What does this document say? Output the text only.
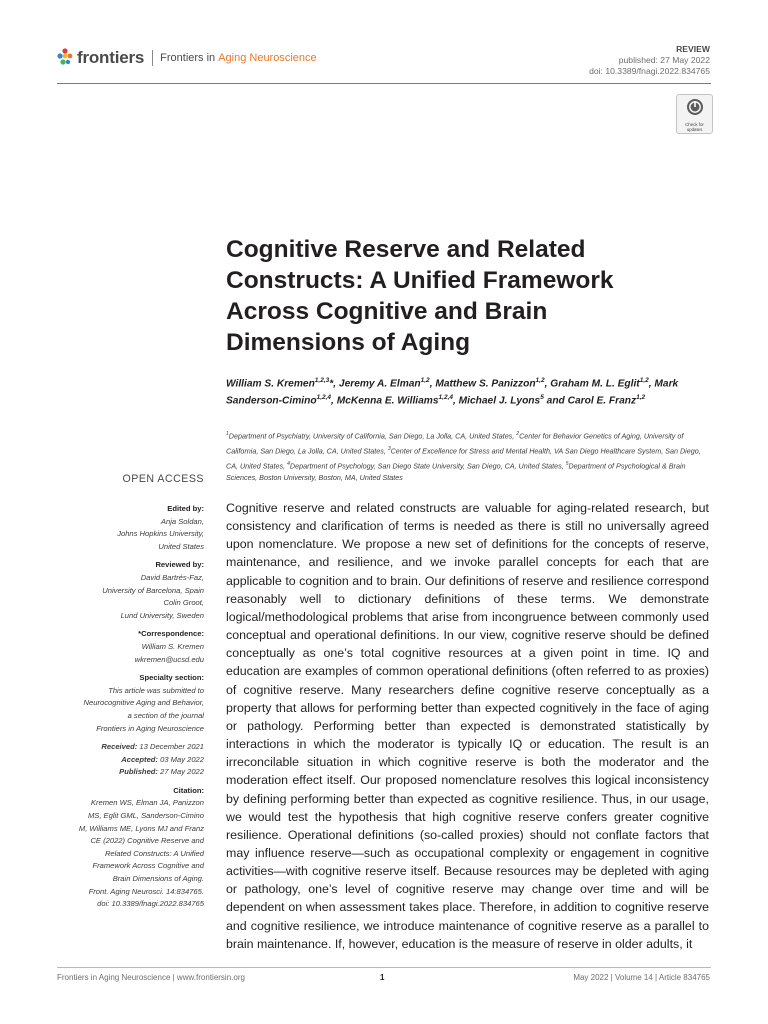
frontiers Frontiers in Aging Neuroscience
REVIEW
published: 27 May 2022
doi: 10.3389/fnagi.2022.834765
Check for updates
Cognitive Reserve and Related Constructs: A Unified Framework Across Cognitive and Brain Dimensions of Aging

William S. Kremen$^{1,2,3}$*, Jeremy A. Elman$^{1,2}$, Matthew S. Panizzon$^{1,2}$, Graham M. L. Eglit$^{1,2}$, Mark Sanderson-Cimino$^{1,2,4}$, McKenna E. Williams$^{1,2,4}$, Michael J. Lyons$^5$ and Carol E. Franz$^{1,2}$

$^1$Department of Psychiatry, University of California, San Diego, La Jolla, CA, United States, $^2$Center for Behavior Genetics of Aging, University of California, San Diego, La Jolla, CA, United States, $^3$Center of Excellence for Stress and Mental Health, VA San Diego Healthcare System, San Diego, CA, United States, $^4$Department of Psychology, San Diego State University, San Diego, CA, United States, $^5$Department of Psychological & Brain Sciences, Boston University, Boston, MA, United States

OPEN ACCESS
Edited by:
Anja Soldan,
Johns Hopkins University,
United States
Reviewed by:
David Bartrés-Faz,
University of Barcelona, Spain
Colin Groot,
Lund University, Sweden
*Correspondence:
William S. Kremen
wkremen@ucsd.edu
Specialty section:
This article was submitted to
Neurocognitive Aging and Behavior,
a section of the journal
Frontiers in Aging Neuroscience
Received: 13 December 2021
Accepted: 03 May 2022
Published: 27 May 2022
Citation:
Kremen WS, Elman JA, Panizzon
MS, Eglit GML, Sanderson-Cimino
M, Williams ME, Lyons MJ and Franz
CE (2022) Cognitive Reserve and
Related Constructs: A Unified
Framework Across Cognitive and
Brain Dimensions of Aging.
Front. Aging Neurosci. 14:834765.
doi: 10.3389/fnagi.2022.834765

Cognitive reserve and related constructs are valuable for aging-related research, but consistency and clarification of terms is needed as there is still no universally agreed upon nomenclature. We propose a new set of definitions for the concepts of reserve, maintenance, and resilience, and we invoke parallel concepts for each that are applicable to cognition and to brain. Our definitions of reserve and resilience correspond reasonably well to dictionary definitions of these terms. We demonstrate logical/methodological problems that arise from incongruence between commonly used conceptual and operational definitions. In our view, cognitive reserve should be defined conceptually as one’s total cognitive resources at a given point in time. IQ and education are examples of common operational definitions (often referred to as proxies) of cognitive reserve. Many researchers define cognitive reserve conceptually as a property that allows for performing better than expected cognitively in the face of aging or pathology. Performing better than expected is demonstrated statistically by interactions in which the moderator is typically IQ or education. The result is an irreconcilable situation in which cognitive reserve is both the moderator and the moderation effect itself. Our proposed nomenclature resolves this logical inconsistency by defining performing better than expected as cognitive resilience. Thus, in our usage, we would test the hypothesis that high cognitive reserve confers greater cognitive resilience. Operational definitions (so-called proxies) should not conflate factors that may influence reserve—such as occupational complexity or engagement in cognitive activities—with cognitive reserve itself. Because resources may be depleted with aging or pathology, one’s level of cognitive reserve may change over time and will be dependent on when assessment takes place. Therefore, in addition to cognitive reserve and cognitive resilience, we introduce maintenance of cognitive reserve as a parallel to brain maintenance. If, however, education is the measure of reserve in older adults, it

Frontiers in Aging Neuroscience | www.frontiersin.org	1	May 2022 | Volume 14 | Article 834765
